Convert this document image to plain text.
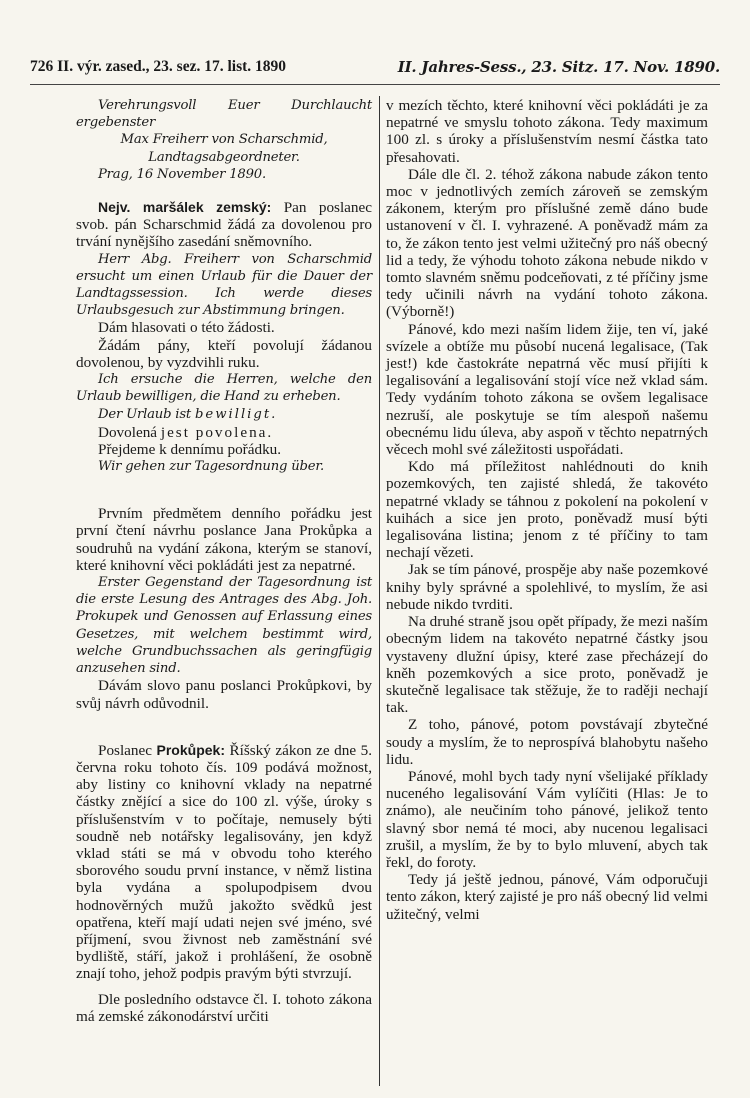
726 II. výr. zased., 23. sez. 17. list. 1890	II. Jahres-Sess., 23. Sitz. 17. Nov. 1890.

Verehrungsvoll Euer Durchlaucht ergebenster

Max Freiherr von Scharschmid,

Landtagsabgeordneter.

Prag, 16 November 1890.

Nejv. maršálek zemský: Pan poslanec svob. pán Scharschmid žádá za dovolenou pro trvání nynějšího zasedání sněmovního.

Herr Abg. Freiherr von Scharschmid ersucht um einen Urlaub für die Dauer der Landtagssession. Ich werde dieses Urlaubsgesuch zur Abstimmung bringen.

Dám hlasovati o této žádosti.

Žádám pány, kteří povolují žádanou dovolenou, by vyzdvihli ruku.

Ich ersuche die Herren, welche den Urlaub bewilligen, die Hand zu erheben.

Der Urlaub ist bewilligt.

Dovolená jest povolena.

Přejdeme k dennímu pořádku.

Wir gehen zur Tagesordnung über.

Prvním předmětem denního pořádku jest první čtení návrhu poslance Jana Prokůpka a soudruhů na vydání zákona, kterým se stanoví, které knihovní věci pokládáti jest za nepatrné.

Erster Gegenstand der Tagesordnung ist die erste Lesung des Antrages des Abg. Joh. Prokupek und Genossen auf Erlassung eines Gesetzes, mit welchem bestimmt wird, welche Grundbuchssachen als geringfügig anzusehen sind.

Dávám slovo panu poslanci Prokůpkovi, by svůj návrh odůvodnil.

Poslanec Prokůpek: Říšský zákon ze dne 5. června roku tohoto čís. 109 podává možnost, aby listiny co knihovní vklady na nepatrné částky znějící a sice do 100 zl. výše, úroky s příslušenstvím v to počítaje, nemusely býti soudně neb notářsky legalisovány, jen když vklad státi se má v obvodu toho kterého sborového soudu první instance, v němž listina byla vydána a spolupodpisem dvou hodnověrných mužů jakožto svědků jest opatřena, kteří mají udati nejen své jméno, své příjmení, svou živnost neb zaměstnání své bydliště, stáří, jakož i prohlášení, že osobně znají toho, jehož podpis pravým býti stvrzují.

Dle posledního odstavce čl. I. tohoto zákona má zemské zákonodárství určiti

v mezích těchto, které knihovní věci pokládáti je za nepatrné ve smyslu tohoto zákona. Tedy maximum 100 zl. s úroky a příslušenstvím nesmí částka tato přesahovati.

Dále dle čl. 2. téhož zákona nabude zákon tento moc v jednotlivých zemích zároveň se zemským zákonem, kterým pro příslušné země dáno bude ustanovení v čl. I. vyhrazené. A poněvadž mám za to, že zákon tento jest velmi užitečný pro náš obecný lid a tedy, že výhodu tohoto zákona nebude nikdo v tomto slavném sněmu podceňovati, z té příčiny jsme tedy učinili návrh na vydání tohoto zákona. (Výborně!)

Pánové, kdo mezi naším lidem žije, ten ví, jaké svízele a obtíže mu působí nucená legalisace, (Tak jest!) kde častokráte nepatrná věc musí přijíti k legalisování a legalisování stojí více než vklad sám. Tedy vydáním tohoto zákona se ovšem legalisace nezruší, ale poskytuje se tím alespoň našemu obecnému lidu úleva, aby aspoň v těchto nepatrných věcech mohl své záležitosti uspořádati.

Kdo má příležitost nahlédnouti do knih pozemkových, ten zajisté shledá, že takovéto nepatrné vklady se táhnou z pokolení na pokolení v kuihách a sice jen proto, poněvadž musí býti legalisována listina; jenom z té příčiny to tam nechají vězeti.

Jak se tím pánové, prospěje aby naše pozemkové knihy byly správné a spolehlivé, to myslím, že asi nebude nikdo tvrditi.

Na druhé straně jsou opět případy, že mezi naším obecným lidem na takovéto nepatrné částky jsou vystaveny dlužní úpisy, které zase přecházejí do kněh pozemkových a sice proto, poněvadž je skutečně legalisace tak stěžuje, že to raději nechají tak.

Z toho, pánové, potom povstávají zbytečné soudy a myslím, že to neprospívá blahobytu našeho lidu.

Pánové, mohl bych tady nyní všelijaké příklady nuceného legalisování Vám vylíčiti (Hlas: Je to známo), ale neučiním toho pánové, jelikož tento slavný sbor nemá té moci, aby nucenou legalisaci zrušil, a myslím, že by to bylo mluvení, abych tak řekl, do foroty.

Tedy já ještě jednou, pánové, Vám odporučuji tento zákon, který zajisté je pro náš obecný lid velmi užitečný, velmi
